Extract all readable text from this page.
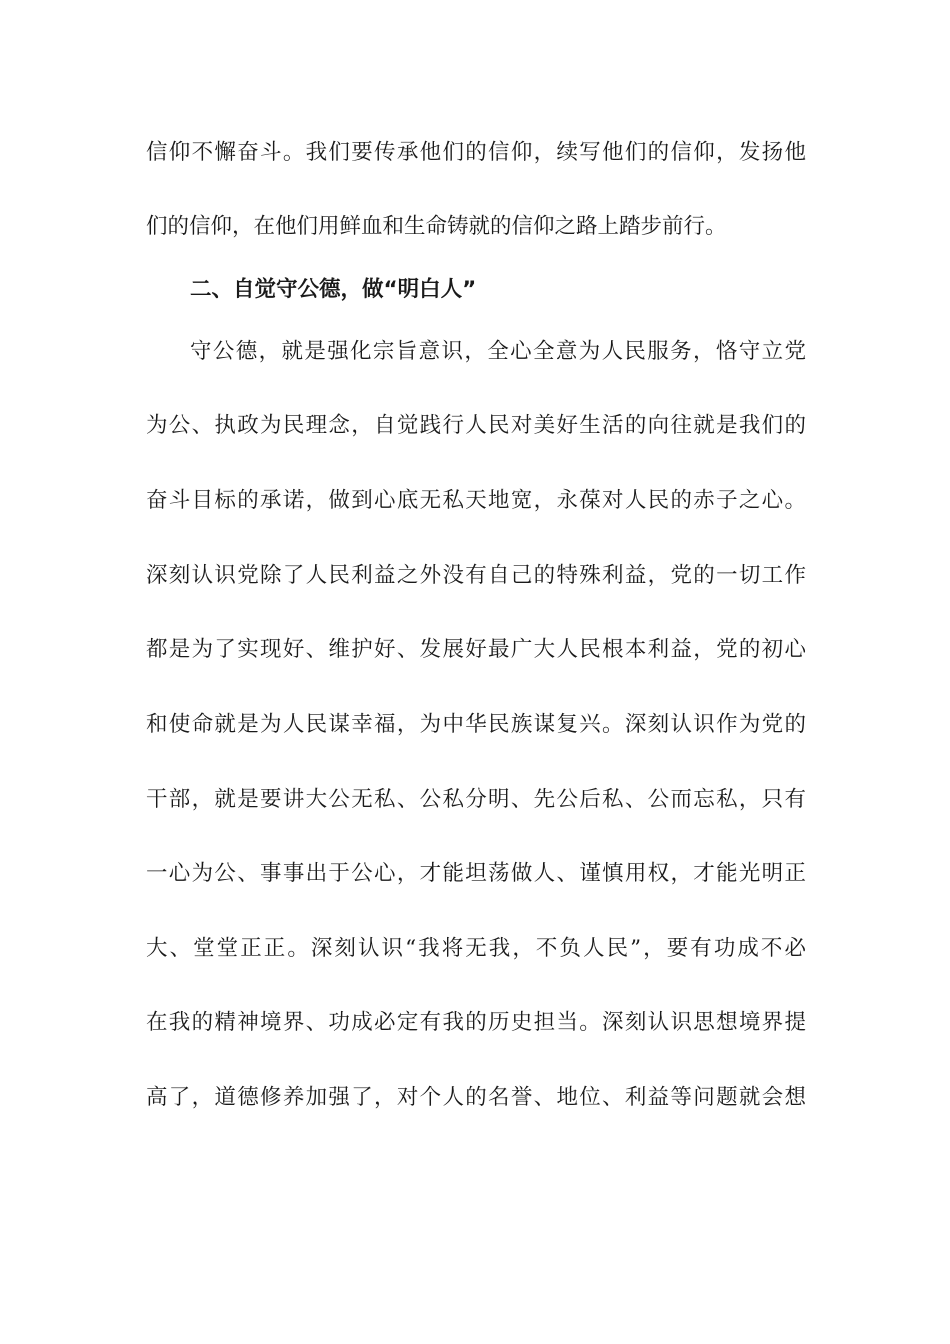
信仰不懈奋斗。我们要传承他们的信仰，续写他们的信仰，发扬他
们的信仰，在他们用鲜血和生命铸就的信仰之路上踏步前行。
二、自觉守公德，做“明白人”
守公德，就是强化宗旨意识，全心全意为人民服务，恪守立党
为公、执政为民理念，自觉践行人民对美好生活的向往就是我们的
奋斗目标的承诺，做到心底无私天地宽，永葆对人民的赤子之心。
深刻认识党除了人民利益之外没有自己的特殊利益，党的一切工作
都是为了实现好、维护好、发展好最广大人民根本利益，党的初心
和使命就是为人民谋幸福，为中华民族谋复兴。深刻认识作为党的
干部，就是要讲大公无私、公私分明、先公后私、公而忘私，只有
一心为公、事事出于公心，才能坦荡做人、谨慎用权，才能光明正
大、堂堂正正。深刻认识“我将无我，不负人民”，要有功成不必
在我的精神境界、功成必定有我的历史担当。深刻认识思想境界提
高了，道德修养加强了，对个人的名誉、地位、利益等问题就会想
